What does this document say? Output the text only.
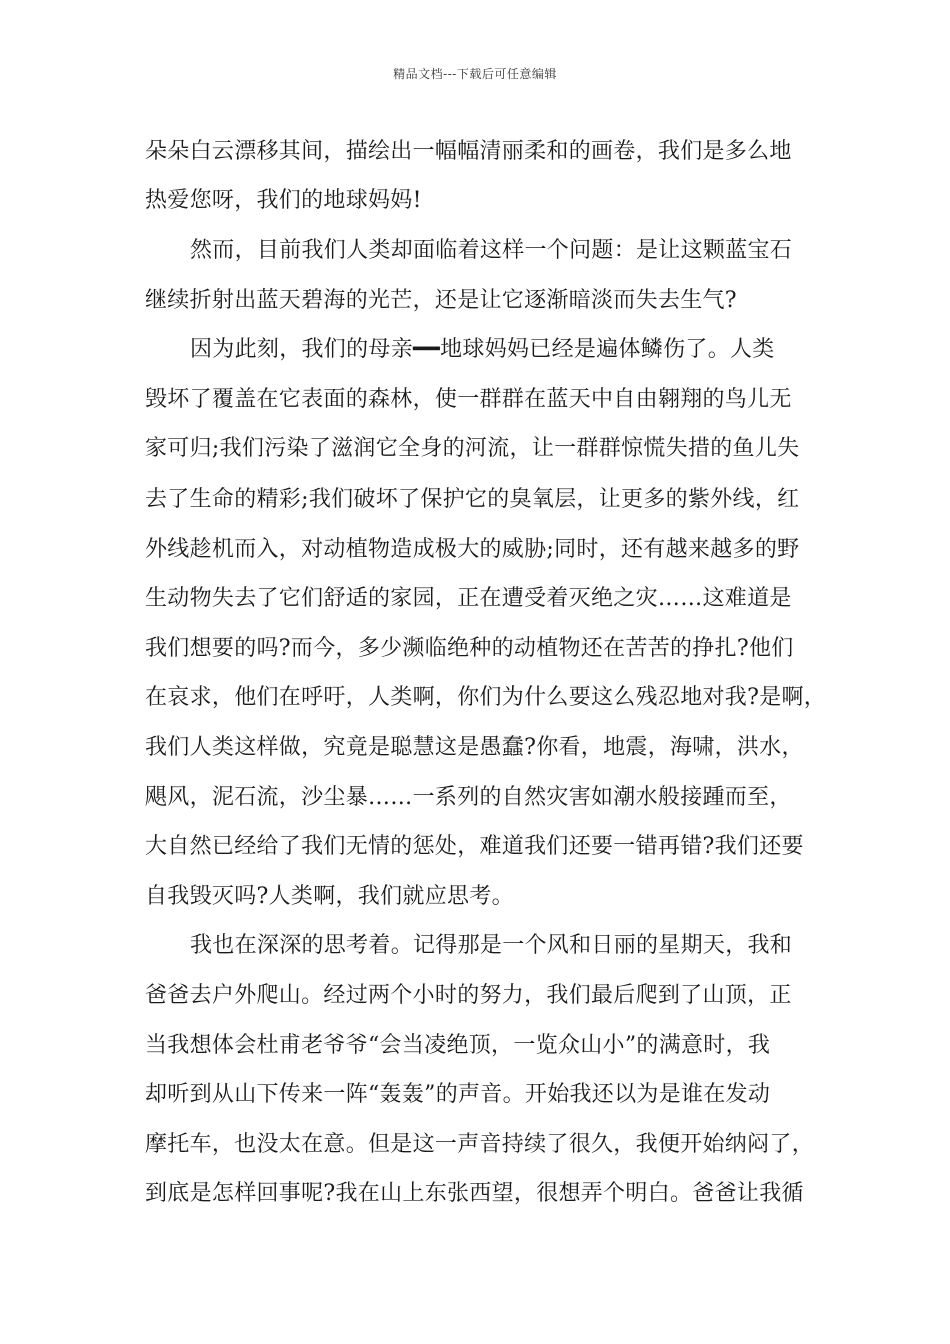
精品文档---下载后可任意编辑
朵朵白云漂移其间，描绘出一幅幅清丽柔和的画卷，我们是多么地
热爱您呀，我们的地球妈妈!
然而，目前我们人类却面临着这样一个问题：是让这颗蓝宝石
继续折射出蓝天碧海的光芒，还是让它逐渐暗淡而失去生气?
因为此刻，我们的母亲━━地球妈妈已经是遍体鳞伤了。人类
毁坏了覆盖在它表面的森林，使一群群在蓝天中自由翱翔的鸟儿无
家可归;我们污染了滋润它全身的河流，让一群群惊慌失措的鱼儿失
去了生命的精彩;我们破坏了保护它的臭氧层，让更多的紫外线，红
外线趁机而入，对动植物造成极大的威胁;同时，还有越来越多的野
生动物失去了它们舒适的家园，正在遭受着灭绝之灾……这难道是
我们想要的吗?而今，多少濒临绝种的动植物还在苦苦的挣扎?他们
在哀求，他们在呼吁，人类啊，你们为什么要这么残忍地对我?是啊，
我们人类这样做，究竟是聪慧这是愚蠢?你看，地震，海啸，洪水，
飓风，泥石流，沙尘暴……一系列的自然灾害如潮水般接踵而至，
大自然已经给了我们无情的惩处，难道我们还要一错再错?我们还要
自我毁灭吗?人类啊，我们就应思考。
我也在深深的思考着。记得那是一个风和日丽的星期天，我和
爸爸去户外爬山。经过两个小时的努力，我们最后爬到了山顶，正
当我想体会杜甫老爷爷“会当凌绝顶，一览众山小”的满意时，我
却听到从山下传来一阵“轰轰”的声音。开始我还以为是谁在发动
摩托车，也没太在意。但是这一声音持续了很久，我便开始纳闷了，
到底是怎样回事呢?我在山上东张西望，很想弄个明白。爸爸让我循
